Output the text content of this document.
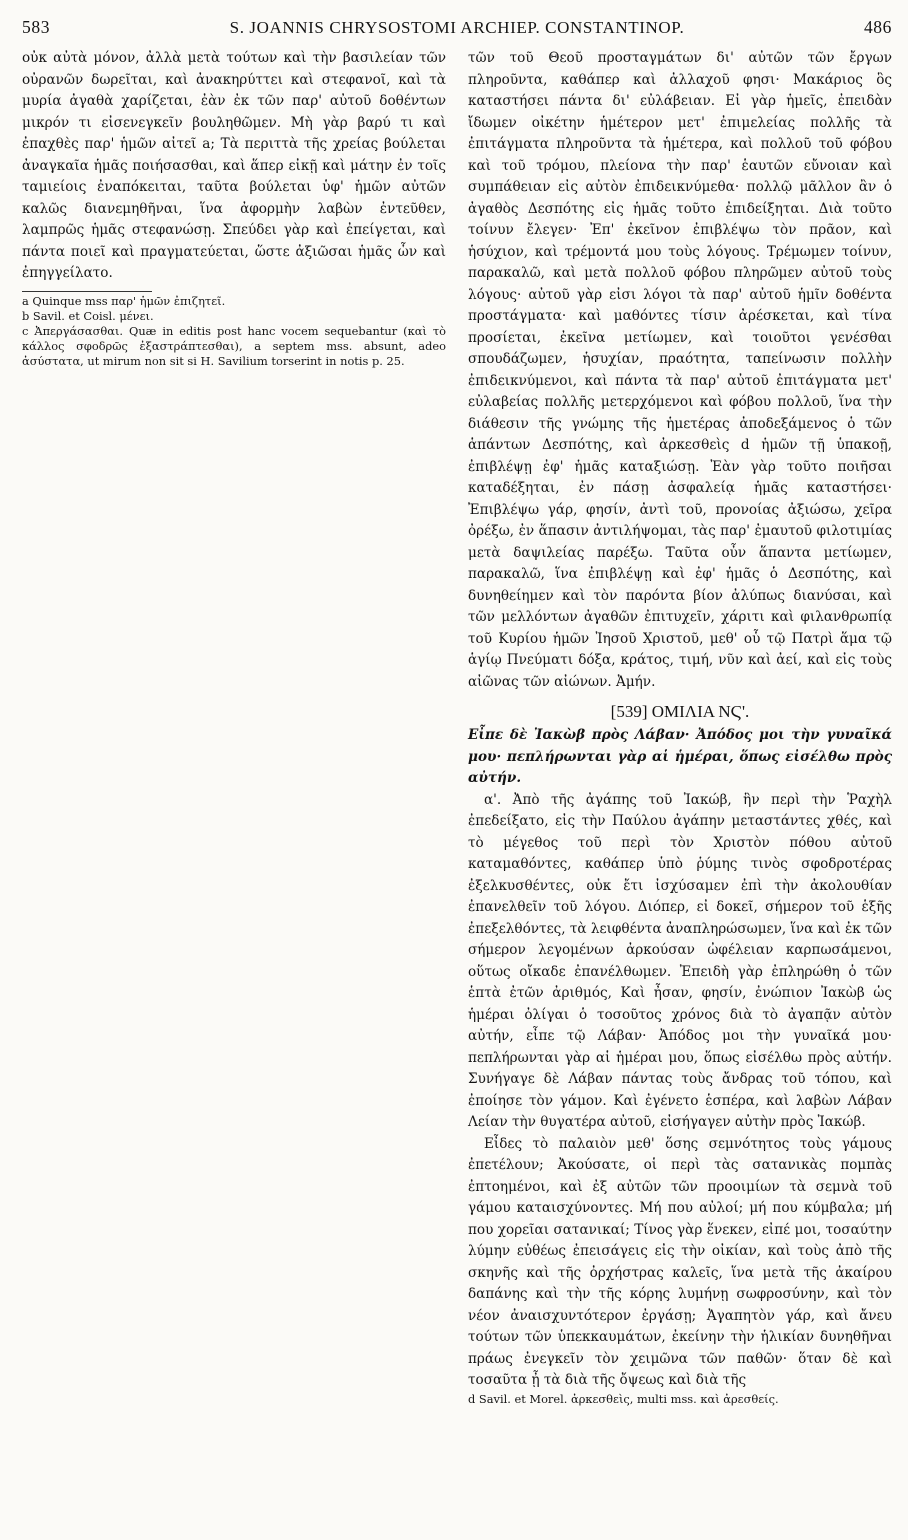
583	S. JOANNIS CHRYSOSTOMI ARCHIEP. CONSTANTINOP.	486

οὐκ αὐτὰ μόνον, ἀλλὰ μετὰ τούτων καὶ τὴν βασιλείαν τῶν οὐρανῶν δωρεῖται, καὶ ἀνακηρύττει καὶ στεφανοῖ, καὶ τὰ μυρία ἀγαθὰ χαρίζεται, ἐὰν ἐκ τῶν παρ' αὐτοῦ δοθέντων μικρόν τι εἰσενεγκεῖν βουληθῶμεν. Μὴ γὰρ βαρύ τι καὶ ἐπαχθὲς παρ' ἡμῶν αἰτεῖ a; Τὰ περιττὰ τῆς χρείας βούλεται ἀναγκαῖα ἡμᾶς ποιήσασθαι, καὶ ἅπερ εἰκῇ καὶ μάτην ἐν τοῖς ταμιείοις ἐναπόκειται, ταῦτα βούλεται ὑφ' ἡμῶν αὐτῶν καλῶς διανεμηθῆναι, ἵνα ἀφορμὴν λαβὼν ἐντεῦθεν, λαμπρῶς ἡμᾶς στεφανώσῃ. Σπεύδει γὰρ καὶ ἐπείγεται, καὶ πάντα ποιεῖ καὶ πραγματεύεται, ὥστε ἀξιῶσαι ἡμᾶς ὧν καὶ ἐπηγγείλατο.

a Quinque mss παρ' ἡμῶν ἐπιζητεῖ.

b Savil. et Coisl. μένει.

c Ἀπεργάσασθαι. Quæ in editis post hanc vocem sequebantur (καὶ τὸ κάλλος σφοδρῶς ἐξαστράπτεσθαι), a septem mss. absunt, adeo ἀσύστατα, ut mirum non sit si H. Savilium torserint in notis p. 25.

τῶν τοῦ Θεοῦ προσταγμάτων δι' αὐτῶν τῶν ἔργων πληροῦντα, καθάπερ καὶ ἀλλαχοῦ φησι· Μακάριος ὃς καταστήσει πάντα δι' εὐλάβειαν. Εἰ γὰρ ἡμεῖς, ἐπειδὰν ἴδωμεν οἰκέτην ἡμέτερον μετ' ἐπιμελείας πολλῆς τὰ ἐπιτάγματα πληροῦντα τὰ ἡμέτερα, καὶ πολλοῦ τοῦ φόβου καὶ τοῦ τρόμου, πλείονα τὴν παρ' ἑαυτῶν εὔνοιαν καὶ συμπάθειαν εἰς αὐτὸν ἐπιδεικνύμεθα· πολλῷ μᾶλλον ἂν ὁ ἀγαθὸς Δεσπότης εἰς ἡμᾶς τοῦτο ἐπιδείξηται. Διὰ τοῦτο τοίνυν ἔλεγεν· Ἐπ' ἐκεῖνον ἐπιβλέψω τὸν πρᾶον, καὶ ἡσύχιον, καὶ τρέμοντά μου τοὺς λόγους. Τρέμωμεν τοίνυν, παρακαλῶ, καὶ μετὰ πολλοῦ φόβου πληρῶμεν αὐτοῦ τοὺς λόγους· αὐτοῦ γὰρ εἰσι λόγοι τὰ παρ' αὐτοῦ ἡμῖν δοθέντα προστάγματα· καὶ μαθόντες τίσιν ἀρέσκεται, καὶ τίνα προσίεται, ἐκεῖνα μετίωμεν, καὶ τοιοῦτοι γενέσθαι σπουδάζωμεν, ἡσυχίαν, πραότητα, ταπείνωσιν πολλὴν ἐπιδεικνύμενοι, καὶ πάντα τὰ παρ' αὐτοῦ ἐπιτάγματα μετ' εὐλαβείας πολλῆς μετερχόμενοι καὶ φόβου πολλοῦ, ἵνα τὴν διάθεσιν τῆς γνώμης τῆς ἡμετέρας ἀποδεξάμενος ὁ τῶν ἁπάντων Δεσπότης, καὶ ἀρκεσθεὶς d ἡμῶν τῇ ὑπακοῇ, ἐπιβλέψῃ ἐφ' ἡμᾶς καταξιώσῃ. Ἐὰν γὰρ τοῦτο ποιῆσαι καταδέξηται, ἐν πάσῃ ἀσφαλείᾳ ἡμᾶς καταστήσει· Ἐπιβλέψω γάρ, φησίν, ἀντὶ τοῦ, προνοίας ἀξιώσω, χεῖρα ὀρέξω, ἐν ἅπασιν ἀντιλήψομαι, τὰς παρ' ἐμαυτοῦ φιλοτιμίας μετὰ δαψιλείας παρέξω. Ταῦτα οὖν ἅπαντα μετίωμεν, παρακαλῶ, ἵνα ἐπιβλέψῃ καὶ ἐφ' ἡμᾶς ὁ Δεσπότης, καὶ δυνηθείημεν καὶ τὸν παρόντα βίον ἀλύπως διανύσαι, καὶ τῶν μελλόντων ἀγαθῶν ἐπιτυχεῖν, χάριτι καὶ φιλανθρωπίᾳ τοῦ Κυρίου ἡμῶν Ἰησοῦ Χριστοῦ, μεθ' οὗ τῷ Πατρὶ ἅμα τῷ ἁγίῳ Πνεύματι δόξα, κράτος, τιμή, νῦν καὶ ἀεί, καὶ εἰς τοὺς αἰῶνας τῶν αἰώνων. Ἀμήν.

[539] ΟΜΙΛΙΑ ΝϚ'.

Εἶπε δὲ Ἰακὼβ πρὸς Λάβαν· Ἀπόδος μοι τὴν γυναῖκά μου· πεπλήρωνται γὰρ αἱ ἡμέραι, ὅπως εἰσέλθω πρὸς αὐτήν.

α'. Ἀπὸ τῆς ἀγάπης τοῦ Ἰακώβ, ἣν περὶ τὴν Ῥαχὴλ ἐπεδείξατο, εἰς τὴν Παύλου ἀγάπην μεταστάντες χθές, καὶ τὸ μέγεθος τοῦ περὶ τὸν Χριστὸν πόθου αὐτοῦ καταμαθόντες, καθάπερ ὑπὸ ῥύμης τινὸς σφοδροτέρας ἐξελκυσθέντες, οὐκ ἔτι ἰσχύσαμεν ἐπὶ τὴν ἀκολουθίαν ἐπανελθεῖν τοῦ λόγου. Διόπερ, εἰ δοκεῖ, σήμερον τοῦ ἑξῆς ἐπεξελθόντες, τὰ λειφθέντα ἀναπληρώσωμεν, ἵνα καὶ ἐκ τῶν σήμερον λεγομένων ἀρκούσαν ὠφέλειαν καρπωσάμενοι, οὕτως οἴκαδε ἐπανέλθωμεν. Ἐπειδὴ γὰρ ἐπληρώθη ὁ τῶν ἑπτὰ ἐτῶν ἀριθμός, Καὶ ἦσαν, φησίν, ἐνώπιον Ἰακὼβ ὡς ἡμέραι ὀλίγαι ὁ τοσοῦτος χρόνος διὰ τὸ ἀγαπᾷν αὐτὸν αὐτήν, εἶπε τῷ Λάβαν· Ἀπόδος μοι τὴν γυναῖκά μου· πεπλήρωνται γὰρ αἱ ἡμέραι μου, ὅπως εἰσέλθω πρὸς αὐτήν. Συνήγαγε δὲ Λάβαν πάντας τοὺς ἄνδρας τοῦ τόπου, καὶ ἐποίησε τὸν γάμον. Καὶ ἐγένετο ἑσπέρα, καὶ λαβὼν Λάβαν Λείαν τὴν θυγατέρα αὐτοῦ, εἰσήγαγεν αὐτὴν πρὸς Ἰακώβ.

Εἶδες τὸ παλαιὸν μεθ' ὅσης σεμνότητος τοὺς γάμους ἐπετέλουν; Ἀκούσατε, οἱ περὶ τὰς σατανικὰς πομπὰς ἐπτοημένοι, καὶ ἐξ αὐτῶν τῶν προοιμίων τὰ σεμνὰ τοῦ γάμου καταισχύνοντες. Μή που αὐλοί; μή που κύμβαλα; μή που χορεῖαι σατανικαί; Τίνος γὰρ ἕνεκεν, εἰπέ μοι, τοσαύτην λύμην εὐθέως ἐπεισάγεις εἰς τὴν οἰκίαν, καὶ τοὺς ἀπὸ τῆς σκηνῆς καὶ τῆς ὀρχήστρας καλεῖς, ἵνα μετὰ τῆς ἀκαίρου δαπάνης καὶ τὴν τῆς κόρης λυμήνῃ σωφροσύνην, καὶ τὸν νέον ἀναισχυντότερον ἐργάσῃ; Ἀγαπητὸν γάρ, καὶ ἄνευ τούτων τῶν ὑπεκκαυμάτων, ἐκείνην τὴν ἡλικίαν δυνηθῆναι πράως ἐνεγκεῖν τὸν χειμῶνα τῶν παθῶν· ὅταν δὲ καὶ τοσαῦτα ᾖ τὰ διὰ τῆς ὄψεως καὶ διὰ τῆς

d Savil. et Morel. ἀρκεσθεὶς, multi mss. καὶ ἀρεσθείς.
